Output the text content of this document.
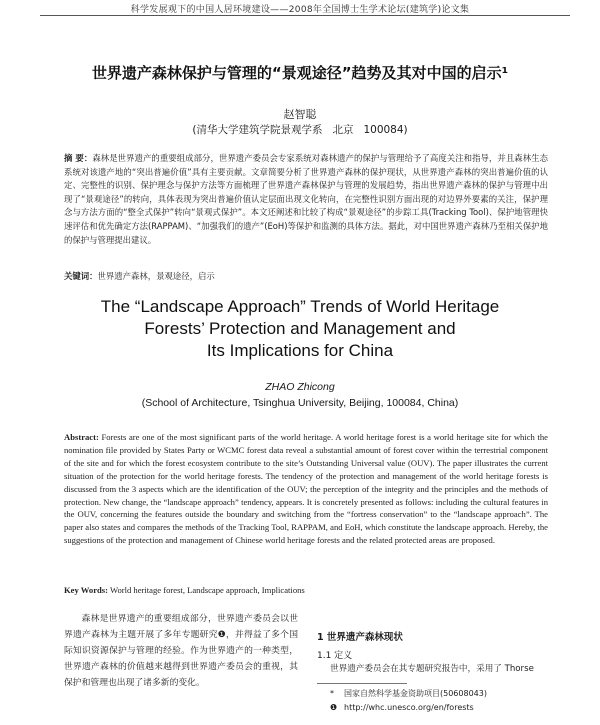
科学发展观下的中国人居环境建设——2008年全国博士生学术论坛(建筑学)论文集
世界遗产森林保护与管理的“景观途径”趋势及其对中国的启示¹
赵智聪
(清华大学建筑学院景观学系   北京   100084)
摘 要：森林是世界遗产的重要组成部分，世界遗产委员会专家系统对森林遗产的保护与管理给予了高度关注和指导，并且森林生态系统对该遗产地的“突出普遍价值”具有主要贡献。文章简要分析了世界遗产森林的保护现状，从世界遗产森林的突出普遍价值的认定、完整性的识别、保护理念与保护方法等方面梳理了世界遗产森林保护与管理的发展趋势，指出世界遗产森林的保护与管理中出现了“景观途径”的转向，具体表现为突出普遍价值认定层面出现文化转向，在完整性识别方面出现的对边界外要素的关注，保护理念与方法方面的“整全式保护”转向“景观式保护”。本文还阐述和比较了构成“景观途径”的步踪工具(Tracking Tool)、保护地管理快速评估和优先确定方法(RAPPAM)、“加强我们的遗产”(EoH)等保护和监测的具体方法。据此，对中国世界遗产森林乃至相关保护地的保护与管理提出建议。
关键词：世界遗产森林，景观途径，启示
The “Landscape Approach” Trends of World Heritage
Forests’ Protection and Management and
Its Implications for China
ZHAO Zhicong
(School of Architecture, Tsinghua University, Beijing, 100084, China)
Abstract: Forests are one of the most significant parts of the world heritage. A world heritage forest is a world heritage site for which the nomination file provided by States Party or WCMC forest data reveal a substantial amount of forest cover within the terrestrial component of the site and for which the forest ecosystem contribute to the site’s Outstanding Universal value (OUV). The paper illustrates the current situation of the protection for the world heritage forests. The tendency of the protection and management of the world heritage forests is discussed from the 3 aspects which are the identification of the OUV; the perception of the integrity and the principles and the methods of protection. New change, the “landscape approach” tendency, appears. It is concretely presented as follows: including the cultural features in the OUV, concerning the features outside the boundary and switching from the “fortress conservation” to the “landscape approach”. The paper also states and compares the methods of the Tracking Tool, RAPPAM, and EoH, which constitute the landscape approach. Hereby, the suggestions of the protection and management of Chinese world heritage forests and the related protected areas are proposed.
Key Words: World heritage forest, Landscape approach, Implications
森林是世界遗产的重要组成部分，世界遗产委员会以世界遗产森林为主题开展了多年专题研究❶，并得益了多个国际知识资源保护与管理的经验。作为世界遗产的一种类型，世界遗产森林的价值越来越得到世界遗产委员会的重视，其保护和管理也出现了诸多新的变化。
1 世界遗产森林现状
1.1 定义
世界遗产委员会在其专题研究报告中，采用了 Thorse
* 国家自然科学基金资助项目(50608043)
❶ http://whc.unesco.org/en/forests
